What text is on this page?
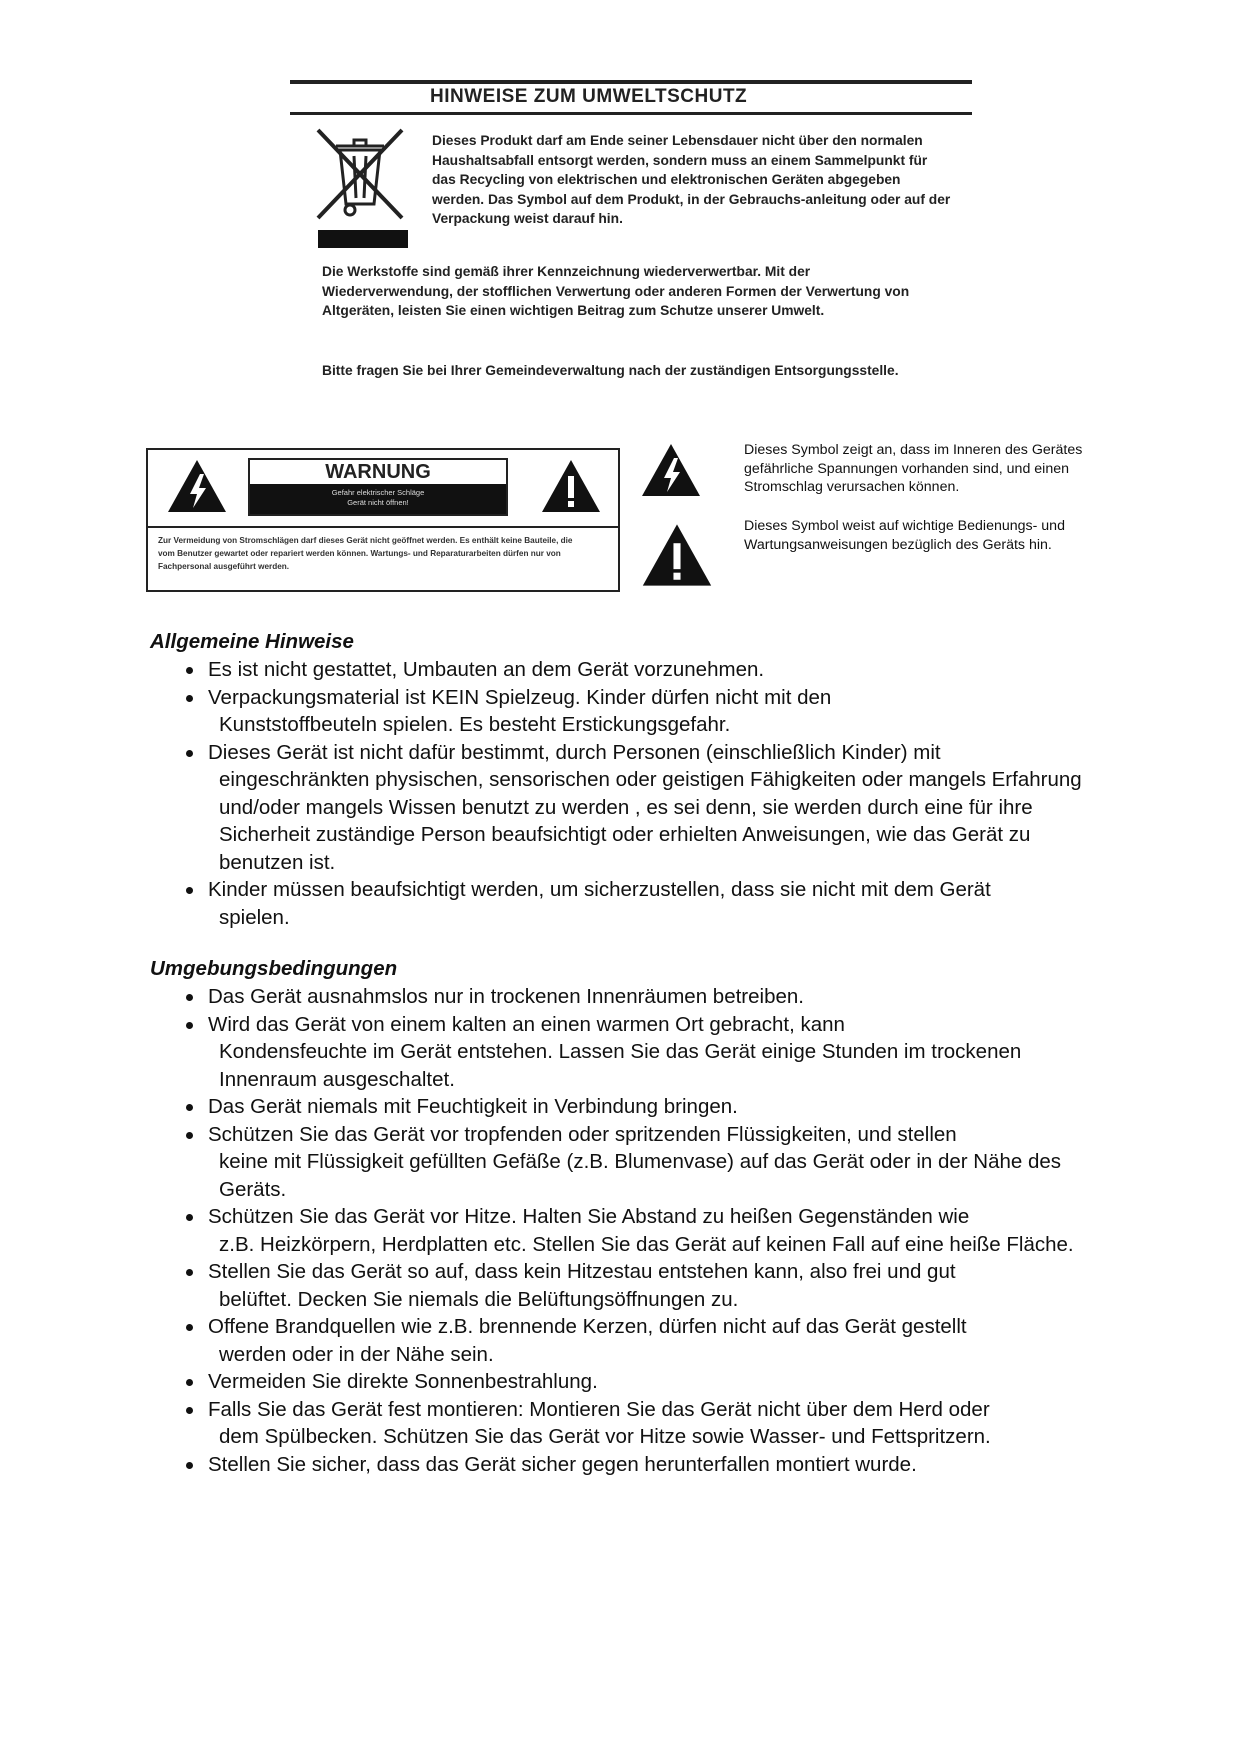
HINWEISE ZUM UMWELTSCHUTZ
Dieses Produkt darf am Ende seiner Lebensdauer nicht über den normalen Haushaltsabfall entsorgt werden, sondern muss an einem Sammelpunkt für das Recycling von elektrischen und elektronischen Geräten abgegeben werden. Das Symbol auf dem Produkt, in der Gebrauchs-anleitung oder auf der Verpackung weist darauf hin.
Die Werkstoffe sind gemäß ihrer Kennzeichnung wiederverwertbar. Mit der Wiederverwendung, der stofflichen Verwertung oder anderen Formen der Verwertung von Altgeräten, leisten Sie einen wichtigen Beitrag zum Schutze unserer Umwelt.
Bitte fragen Sie bei Ihrer Gemeindeverwaltung nach der zuständigen Entsorgungsstelle.
WARNUNG
Gefahr elektrischer Schläge
Gerät nicht öffnen!
Zur Vermeidung von Stromschlägen darf dieses Gerät nicht geöffnet werden. Es enthält keine Bauteile, die vom Benutzer gewartet oder repariert werden können. Wartungs- und Reparaturarbeiten dürfen nur von Fachpersonal ausgeführt werden.
Dieses Symbol zeigt an, dass im Inneren des Gerätes gefährliche Spannungen vorhanden sind, und einen Stromschlag verursachen können.
Dieses Symbol weist auf wichtige Bedienungs- und Wartungsanweisungen bezüglich des Geräts hin.
Allgemeine Hinweise
Es ist nicht gestattet, Umbauten an dem Gerät vorzunehmen.
Verpackungsmaterial ist KEIN Spielzeug. Kinder dürfen nicht mit den
Kunststoffbeuteln spielen. Es besteht Erstickungsgefahr.
Dieses Gerät ist nicht dafür bestimmt, durch Personen (einschließlich Kinder) mit
eingeschränkten physischen, sensorischen oder geistigen Fähigkeiten oder mangels Erfahrung und/oder mangels Wissen benutzt zu werden , es sei denn, sie werden durch eine für ihre Sicherheit zuständige Person beaufsichtigt oder erhielten Anweisungen, wie das Gerät zu benutzen ist.
Kinder müssen beaufsichtigt werden, um sicherzustellen, dass sie nicht mit dem Gerät
spielen.
Umgebungsbedingungen
Das Gerät ausnahmslos nur in trockenen Innenräumen betreiben.
Wird das Gerät von einem kalten an einen warmen Ort gebracht, kann
Kondensfeuchte im Gerät entstehen. Lassen Sie das Gerät einige Stunden im trockenen Innenraum ausgeschaltet.
Das Gerät niemals mit Feuchtigkeit in Verbindung bringen.
Schützen Sie das Gerät vor tropfenden oder spritzenden Flüssigkeiten, und stellen
keine mit Flüssigkeit gefüllten Gefäße (z.B. Blumenvase) auf das Gerät oder in der Nähe des Geräts.
Schützen Sie das Gerät vor Hitze. Halten Sie Abstand zu heißen Gegenständen wie
z.B. Heizkörpern, Herdplatten etc. Stellen Sie das Gerät auf keinen Fall auf eine heiße Fläche.
Stellen Sie das Gerät so auf, dass kein Hitzestau entstehen kann, also frei und gut
belüftet. Decken Sie niemals die Belüftungsöffnungen zu.
Offene Brandquellen wie z.B. brennende Kerzen, dürfen nicht auf das Gerät gestellt
werden oder in der Nähe sein.
Vermeiden Sie direkte Sonnenbestrahlung.
Falls Sie das Gerät fest montieren: Montieren Sie das Gerät nicht über dem Herd oder
dem Spülbecken. Schützen Sie das Gerät vor Hitze sowie Wasser- und Fettspritzern.
Stellen Sie sicher, dass das Gerät sicher gegen herunterfallen montiert wurde.
